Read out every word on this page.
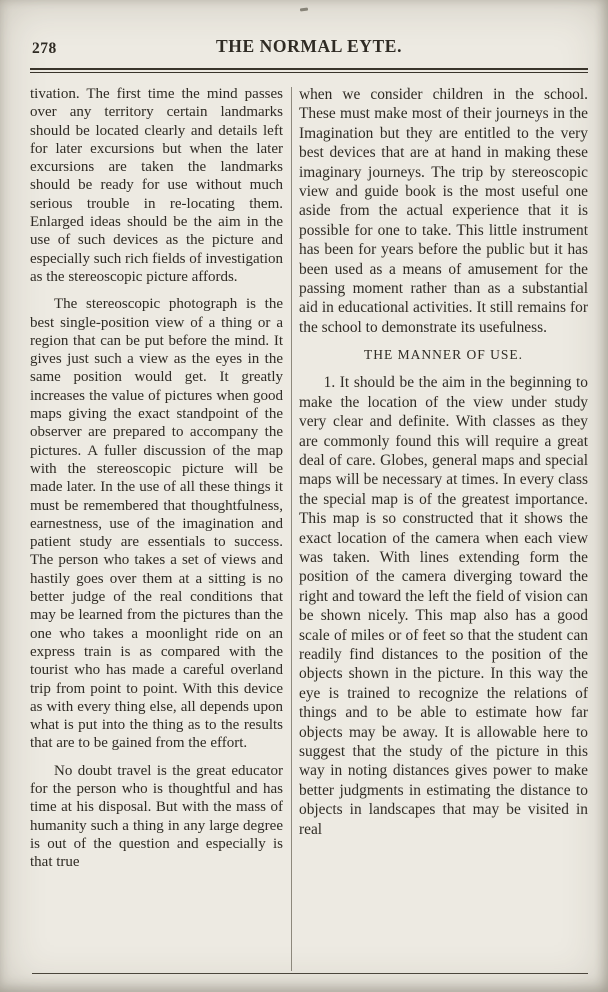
278	THE NORMAL EYTE.

tivation. The first time the mind passes over any territory certain landmarks should be located clearly and details left for later excursions but when the later excursions are taken the landmarks should be ready for use without much serious trouble in re-locating them. Enlarged ideas should be the aim in the use of such devices as the picture and especially such rich fields of investigation as the stereoscopic picture affords.

The stereoscopic photograph is the best single-position view of a thing or a region that can be put before the mind. It gives just such a view as the eyes in the same position would get. It greatly increases the value of pictures when good maps giving the exact standpoint of the observer are prepared to accompany the pictures. A fuller discussion of the map with the stereoscopic picture will be made later. In the use of all these things it must be remembered that thoughtfulness, earnestness, use of the imagination and patient study are essentials to success. The person who takes a set of views and hastily goes over them at a sitting is no better judge of the real conditions that may be learned from the pictures than the one who takes a moonlight ride on an express train is as compared with the tourist who has made a careful overland trip from point to point. With this device as with every thing else, all depends upon what is put into the thing as to the results that are to be gained from the effort.

No doubt travel is the great educator for the person who is thoughtful and has time at his disposal. But with the mass of humanity such a thing in any large degree is out of the question and especially is that true

when we consider children in the school. These must make most of their journeys in the Imagination but they are entitled to the very best devices that are at hand in making these imaginary journeys. The trip by stereoscopic view and guide book is the most useful one aside from the actual experience that it is possible for one to take. This little instrument has been for years before the public but it has been used as a means of amusement for the passing moment rather than as a substantial aid in educational activities. It still remains for the school to demonstrate its usefulness.

THE MANNER OF USE.

1. It should be the aim in the beginning to make the location of the view under study very clear and definite. With classes as they are commonly found this will require a great deal of care. Globes, general maps and special maps will be necessary at times. In every class the special map is of the greatest importance. This map is so constructed that it shows the exact location of the camera when each view was taken. With lines extending form the position of the camera diverging toward the right and toward the left the field of vision can be shown nicely. This map also has a good scale of miles or of feet so that the student can readily find distances to the position of the objects shown in the picture. In this way the eye is trained to recognize the relations of things and to be able to estimate how far objects may be away. It is allowable here to suggest that the study of the picture in this way in noting distances gives power to make better judgments in estimating the distance to objects in landscapes that may be visited in real
